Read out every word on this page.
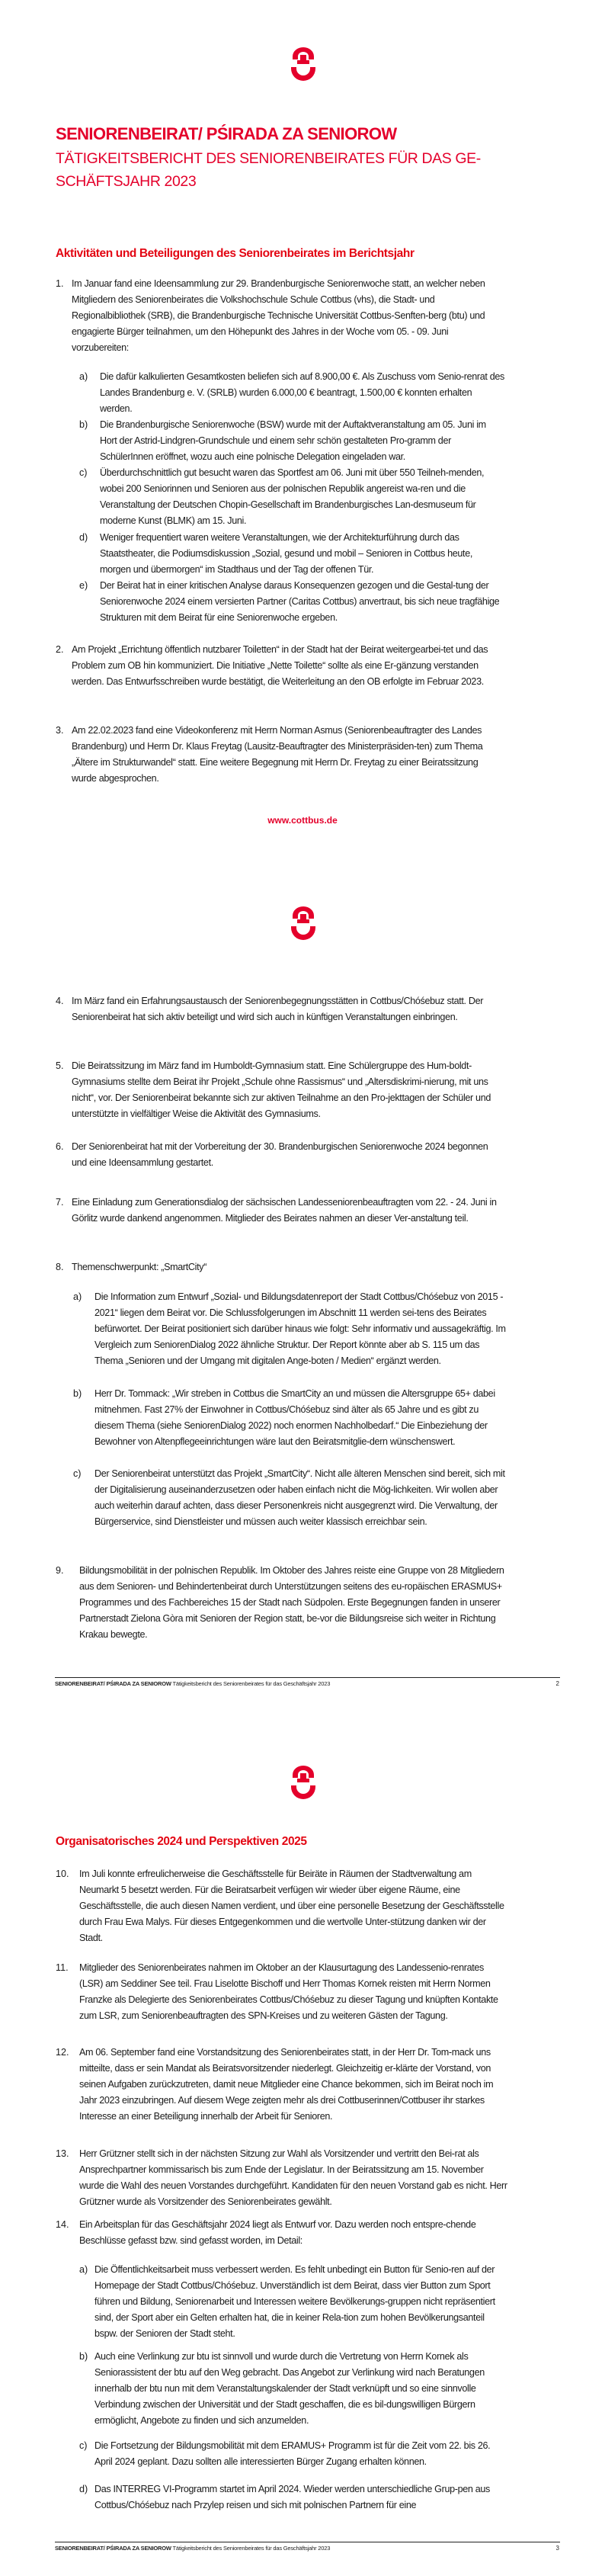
SENIORENBEIRAT/ PŚIRADA ZA SENIOROW
TÄTIGKEITSBERICHT DES SENIORENBEIRATES FÜR DAS GE-
SCHÄFTSJAHR 2023
Aktivitäten und Beteiligungen des Seniorenbeirates im Berichtsjahr
1. Im Januar fand eine Ideensammlung zur 29. Brandenburgische Seniorenwoche statt, an welcher neben Mitgliedern des Seniorenbeirates die Volkshochschule Schule Cottbus (vhs), die Stadt- und Regionalbibliothek (SRB), die Brandenburgische Technische Universität Cottbus-Senften-berg (btu) und engagierte Bürger teilnahmen, um den Höhepunkt des Jahres in der Woche vom 05. - 09. Juni vorzubereiten:
a) Die dafür kalkulierten Gesamtkosten beliefen sich auf 8.900,00 €. Als Zuschuss vom Senio-renrat des Landes Brandenburg e. V. (SRLB) wurden 6.000,00 € beantragt, 1.500,00 € konnten erhalten werden.
b) Die Brandenburgische Seniorenwoche (BSW) wurde mit der Auftaktveranstaltung am 05. Juni im Hort der Astrid-Lindgren-Grundschule und einem sehr schön gestalteten Pro-gramm der SchülerInnen eröffnet, wozu auch eine polnische Delegation eingeladen war.
c) Überdurchschnittlich gut besucht waren das Sportfest am 06. Juni mit über 550 Teilneh-menden, wobei 200 Seniorinnen und Senioren aus der polnischen Republik angereist wa-ren und die Veranstaltung der Deutschen Chopin-Gesellschaft im Brandenburgisches Lan-desmuseum für moderne Kunst (BLMK) am 15. Juni.
d) Weniger frequentiert waren weitere Veranstaltungen, wie der Architekturführung durch das Staatstheater, die Podiumsdiskussion „Sozial, gesund und mobil – Senioren in Cottbus heute, morgen und übermorgen“ im Stadthaus und der Tag der offenen Tür.
e) Der Beirat hat in einer kritischen Analyse daraus Konsequenzen gezogen und die Gestal-tung der Seniorenwoche 2024 einem versierten Partner (Caritas Cottbus) anvertraut, bis sich neue tragfähige Strukturen mit dem Beirat für eine Seniorenwoche ergeben.
2. Am Projekt „Errichtung öffentlich nutzbarer Toiletten“ in der Stadt hat der Beirat weitergearbei-tet und das Problem zum OB hin kommuniziert. Die Initiative „Nette Toilette“ sollte als eine Er-gänzung verstanden werden. Das Entwurfsschreiben wurde bestätigt, die Weiterleitung an den OB erfolgte im Februar 2023.
3. Am 22.02.2023 fand eine Videokonferenz mit Herrn Norman Asmus (Seniorenbeauftragter des Landes Brandenburg) und Herrn Dr. Klaus Freytag (Lausitz-Beauftragter des Ministerpräsiden-ten) zum Thema „Ältere im Strukturwandel“ statt. Eine weitere Begegnung mit Herrn Dr. Freytag zu einer Beiratssitzung wurde abgesprochen.
www.cottbus.de
4. Im März fand ein Erfahrungsaustausch der Seniorenbegegnungsstätten in Cottbus/Chóśebuz statt. Der Seniorenbeirat hat sich aktiv beteiligt und wird sich auch in künftigen Veranstaltungen einbringen.
5. Die Beiratssitzung im März fand im Humboldt-Gymnasium statt. Eine Schülergruppe des Hum-boldt-Gymnasiums stellte dem Beirat ihr Projekt „Schule ohne Rassismus“ und „Altersdiskrimi-nierung, mit uns nicht“, vor. Der Seniorenbeirat bekannte sich zur aktiven Teilnahme an den Pro-jekttagen der Schüler und unterstützte in vielfältiger Weise die Aktivität des Gymnasiums.
6. Der Seniorenbeirat hat mit der Vorbereitung der 30. Brandenburgischen Seniorenwoche 2024 begonnen und eine Ideensammlung gestartet.
7. Eine Einladung zum Generationsdialog der sächsischen Landesseniorenbeauftragten vom 22. - 24. Juni in Görlitz wurde dankend angenommen. Mitglieder des Beirates nahmen an dieser Ver-anstaltung teil.
8. Themenschwerpunkt: „SmartCity“
a) Die Information zum Entwurf „Sozial- und Bildungsdatenreport der Stadt Cottbus/Chóśebuz von 2015 - 2021“ liegen dem Beirat vor. Die Schlussfolgerungen im Abschnitt 11 werden sei-tens des Beirates befürwortet. Der Beirat positioniert sich darüber hinaus wie folgt: Sehr informativ und aussagekräftig. Im Vergleich zum SeniorenDialog 2022 ähnliche Struktur. Der Report könnte aber ab S. 115 um das Thema „Senioren und der Umgang mit digitalen Ange-boten / Medien“ ergänzt werden.
b) Herr Dr. Tommack: „Wir streben in Cottbus die SmartCity an und müssen die Altersgruppe 65+ dabei mitnehmen. Fast 27% der Einwohner in Cottbus/Chóśebuz sind älter als 65 Jahre und es gibt zu diesem Thema (siehe SeniorenDialog 2022) noch enormen Nachholbedarf.“ Die Einbeziehung der Bewohner von Altenpflegeeinrichtungen wäre laut den Beiratsmitglie-dern wünschenswert.
c) Der Seniorenbeirat unterstützt das Projekt „SmartCity“. Nicht alle älteren Menschen sind bereit, sich mit der Digitalisierung auseinanderzusetzen oder haben einfach nicht die Mög-lichkeiten. Wir wollen aber auch weiterhin darauf achten, dass dieser Personenkreis nicht ausgegrenzt wird. Die Verwaltung, der Bürgerservice, sind Dienstleister und müssen auch weiter klassisch erreichbar sein.
9. Bildungsmobilität in der polnischen Republik. Im Oktober des Jahres reiste eine Gruppe von 28 Mitgliedern aus dem Senioren- und Behindertenbeirat durch Unterstützungen seitens des eu-ropäischen ERASMUS+ Programmes und des Fachbereiches 15 der Stadt nach Südpolen. Erste Begegnungen fanden in unserer Partnerstadt Zielona Gòra mit Senioren der Region statt, be-vor die Bildungsreise sich weiter in Richtung Krakau bewegte.
SENIORENBEIRAT/ PŚIRADA ZA SENIOROW Tätigkeitsbericht des Seniorenbeirates für das Geschäftsjahr 2023	2
Organisatorisches 2024 und Perspektiven 2025
10. Im Juli konnte erfreulicherweise die Geschäftsstelle für Beiräte in Räumen der Stadtverwaltung am Neumarkt 5 besetzt werden. Für die Beiratsarbeit verfügen wir wieder über eigene Räume, eine Geschäftsstelle, die auch diesen Namen verdient, und über eine personelle Besetzung der Geschäftsstelle durch Frau Ewa Malys. Für dieses Entgegenkommen und die wertvolle Unter-stützung danken wir der Stadt.
11. Mitglieder des Seniorenbeirates nahmen im Oktober an der Klausurtagung des Landessenio-renrates (LSR) am Seddiner See teil. Frau Liselotte Bischoff und Herr Thomas Kornek reisten mit Herrn Normen Franzke als Delegierte des Seniorenbeirates Cottbus/Chóśebuz zu dieser Tagung und knüpften Kontakte zum LSR, zum Seniorenbeauftragten des SPN-Kreises und zu weiteren Gästen der Tagung.
12. Am 06. September fand eine Vorstandsitzung des Seniorenbeirates statt, in der Herr Dr. Tom-mack uns mitteilte, dass er sein Mandat als Beiratsvorsitzender niederlegt. Gleichzeitig er-klärte der Vorstand, von seinen Aufgaben zurückzutreten, damit neue Mitglieder eine Chance bekommen, sich im Beirat noch im Jahr 2023 einzubringen. Auf diesem Wege zeigten mehr als drei Cottbuserinnen/Cottbuser ihr starkes Interesse an einer Beteiligung innerhalb der Arbeit für Senioren.
13. Herr Grützner stellt sich in der nächsten Sitzung zur Wahl als Vorsitzender und vertritt den Bei-rat als Ansprechpartner kommissarisch bis zum Ende der Legislatur. In der Beiratssitzung am 15. November wurde die Wahl des neuen Vorstandes durchgeführt. Kandidaten für den neuen Vorstand gab es nicht. Herr Grützner wurde als Vorsitzender des Seniorenbeirates gewählt.
14. Ein Arbeitsplan für das Geschäftsjahr 2024 liegt als Entwurf vor. Dazu werden noch entspre-chende Beschlüsse gefasst bzw. sind gefasst worden, im Detail:
a) Die Öffentlichkeitsarbeit muss verbessert werden. Es fehlt unbedingt ein Button für Senio-ren auf der Homepage der Stadt Cottbus/Chóśebuz. Unverständlich ist dem Beirat, dass vier Button zum Sport führen und Bildung, Seniorenarbeit und Interessen weitere Bevölkerungs-gruppen nicht repräsentiert sind, der Sport aber ein Gelten erhalten hat, die in keiner Rela-tion zum hohen Bevölkerungsanteil bspw. der Senioren der Stadt steht.
b) Auch eine Verlinkung zur btu ist sinnvoll und wurde durch die Vertretung von Herrn Kornek als Seniorassistent der btu auf den Weg gebracht. Das Angebot zur Verlinkung wird nach Beratungen innerhalb der btu nun mit dem Veranstaltungskalender der Stadt verknüpft und so eine sinnvolle Verbindung zwischen der Universität und der Stadt geschaffen, die es bil-dungswilligen Bürgern ermöglicht, Angebote zu finden und sich anzumelden.
c) Die Fortsetzung der Bildungsmobilität mit dem ERAMUS+ Programm ist für die Zeit vom 22. bis 26. April 2024 geplant. Dazu sollten alle interessierten Bürger Zugang erhalten können.
d) Das INTERREG VI-Programm startet im April 2024. Wieder werden unterschiedliche Grup-pen aus Cottbus/Chóśebuz nach Przylep reisen und sich mit polnischen Partnern für eine
SENIORENBEIRAT/ PŚIRADA ZA SENIOROW Tätigkeitsbericht des Seniorenbeirates für das Geschäftsjahr 2023	3
